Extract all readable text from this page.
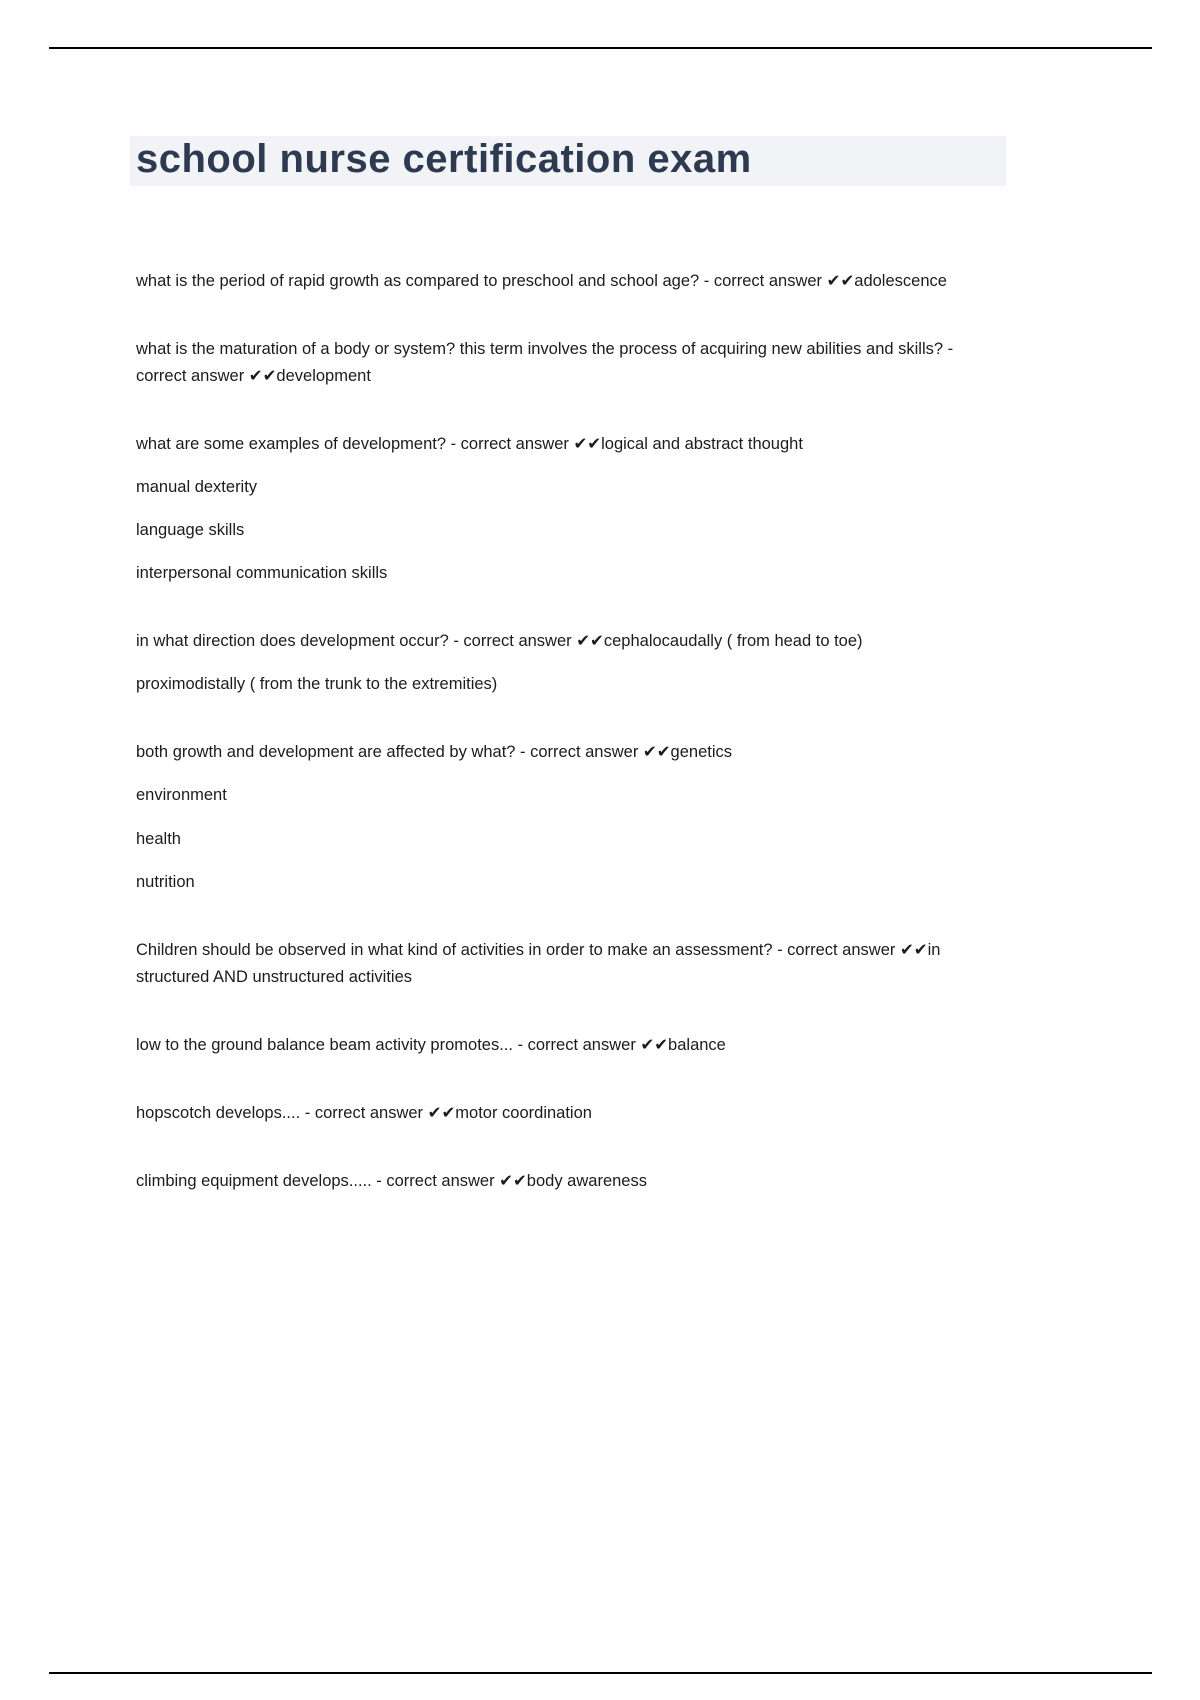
school nurse certification exam

what is the period of rapid growth as compared to preschool and school age? - correct answer ✔✔adolescence

what is the maturation of a body or system? this term involves the process of acquiring new abilities and skills? - correct answer ✔✔development

what are some examples of development? - correct answer ✔✔logical and abstract thought

manual dexterity

language skills

interpersonal communication skills

in what direction does development occur? - correct answer ✔✔cephalocaudally ( from head to toe)

proximodistally ( from the trunk to the extremities)

both growth and development are affected by what? - correct answer ✔✔genetics

environment

health

nutrition

Children should be observed in what kind of activities in order to make an assessment? - correct answer ✔✔in structured AND unstructured activities

low to the ground balance beam activity promotes... - correct answer ✔✔balance

hopscotch develops.... - correct answer ✔✔motor coordination

climbing equipment develops..... - correct answer ✔✔body awareness
